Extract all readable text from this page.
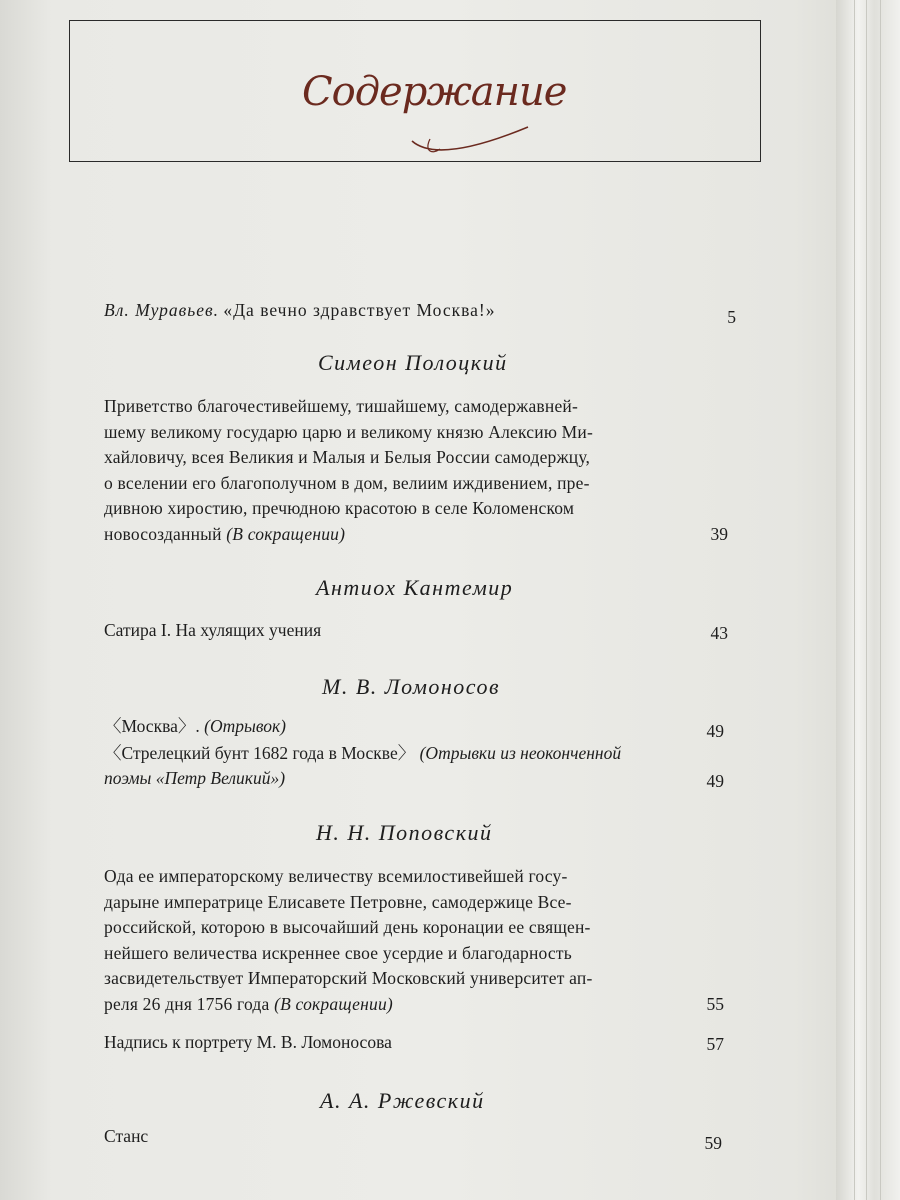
Содержание
Вл. Муравьев. «Да вечно здравствует Москва!»	5
Симеон Полоцкий
Приветство благочестивейшему, тишайшему, самодержавней-
шему великому государю царю и великому князю Алексию Ми-
хайловичу, всея Великия и Малыя и Белыя России самодержцу,
о вселении его благополучном в дом, велиим иждивением, пре-
дивною хиростию, пречюдною красотою в селе Коломенском
новосозданный (В сокращении)	39
Антиох Кантемир
Сатира I. На хулящих учения	43
М. В. Ломоносов
〈Москва〉. (Отрывок)	49
〈Стрелецкий бунт 1682 года в Москве〉 (Отрывки из неоконченной
поэмы «Петр Великий»)	49
Н. Н. Поповский
Ода ее императорскому величеству всемилостивейшей госу-
дарыне императрице Елисавете Петровне, самодержице Все-
российской, которою в высочайший день коронации ее священ-
нейшего величества искреннее свое усердие и благодарность
засвидетельствует Императорский Московский университет ап-
реля 26 дня 1756 года (В сокращении)	55
Надпись к портрету М. В. Ломоносова	57
А. А. Ржевский
Станс	59
